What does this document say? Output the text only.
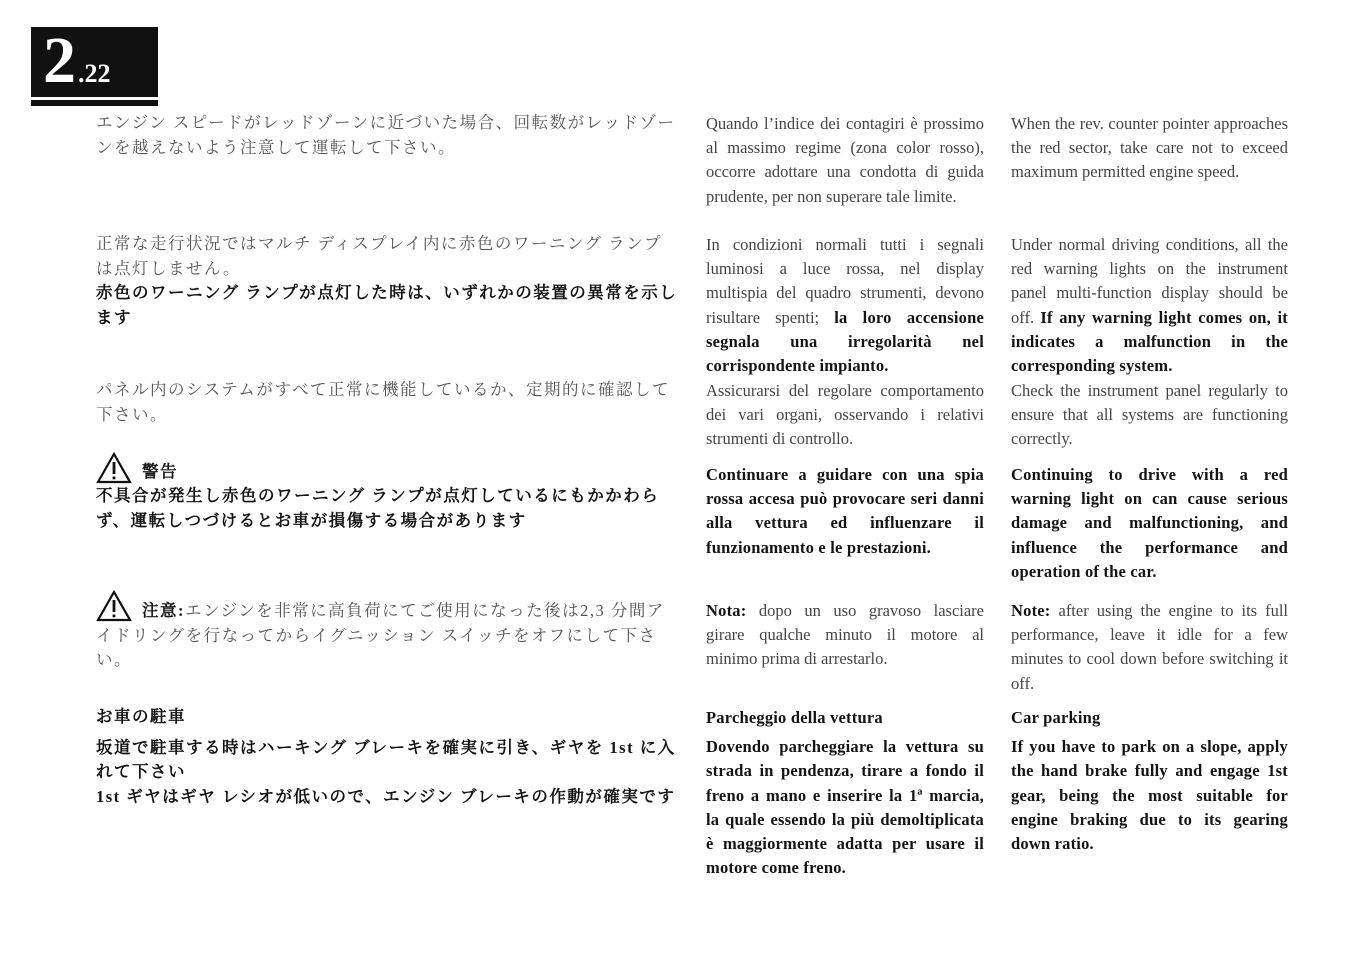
2 .22

エンジン スピードがレッドゾーンに近づいた場合、回転数がレッドゾーンを越えないよう注意して運転して下さい。

Quando l’indice dei contagiri è prossimo al massimo regime (zona color rosso), occorre adottare una condotta di guida prudente, per non superare tale limite.

When the rev. counter pointer approaches the red sector, take care not to exceed maximum permitted engine speed.

正常な走行状況ではマルチ ディスプレイ内に赤色のワーニング ランプは点灯しません。

赤色のワーニング ランプが点灯した時は、いずれかの装置の異常を示します

In condizioni normali tutti i segnali luminosi a luce rossa, nel display multispia del quadro strumenti, devono risultare spenti; la loro accensione segnala una irregolarità nel corrispondente impianto.

Under normal driving conditions, all the red warning lights on the instrument panel multi-function display should be off. If any warning light comes on, it indicates a malfunction in the corresponding system.

パネル内のシステムがすべて正常に機能しているか、定期的に確認して下さい。

Assicurarsi del regolare comportamento dei vari organi, osservando i relativi strumenti di controllo.

Check the instrument panel regularly to ensure that all systems are functioning correctly.

警告

不具合が発生し赤色のワーニング ランプが点灯しているにもかかわらず、運転しつづけるとお車が損傷する場合があります

Continuare a guidare con una spia rossa accesa può provocare seri danni alla vettura ed influenzare il funzionamento e le prestazioni.

Continuing to drive with a red warning light on can cause serious damage and malfunctioning, and influence the performance and operation of the car.

注意:エンジンを非常に高負荷にてご使用になった後は2,3 分間アイドリングを行なってからイグニッション スイッチをオフにして下さい。

Nota: dopo un uso gravoso lasciare girare qualche minuto il motore al minimo prima di arrestarlo.

Note: after using the engine to its full performance, leave it idle for a few minutes to cool down before switching it off.

お車の駐車

坂道で駐車する時はハーキング ブレーキを確実に引き、ギヤを 1st に入れて下さい

1st ギヤはギヤ レシオが低いので、エンジン ブレーキの作動が確実です

Parcheggio della vettura

Dovendo parcheggiare la vettura su strada in pendenza, tirare a fondo il freno a mano e inserire la 1ª marcia, la quale essendo la più demoltiplicata è maggiormente adatta per usare il motore come freno.

Car parking

If you have to park on a slope, apply the hand brake fully and engage 1st gear, being the most suitable for engine braking due to its gearing down ratio.
